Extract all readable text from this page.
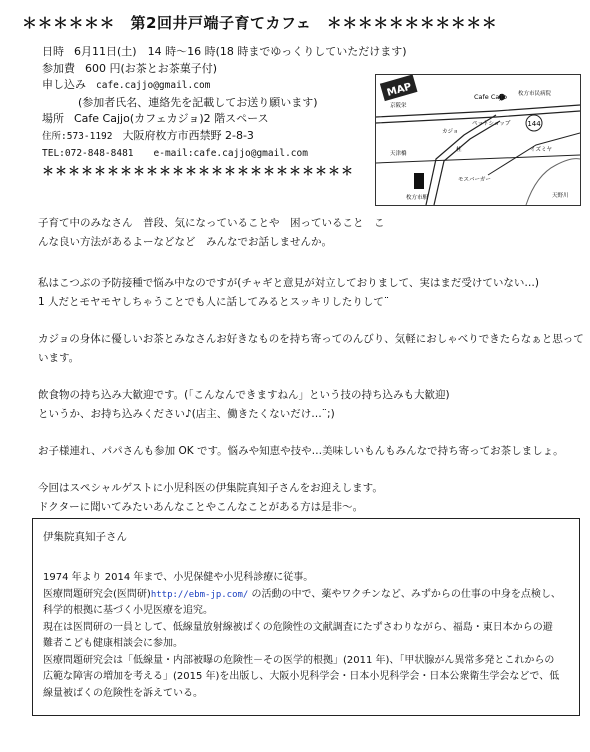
＊＊＊＊＊＊　第2回井戸端子育てカフェ　＊＊＊＊＊＊＊＊＊＊＊
日時 6月11日(土)　14 時～16 時(18 時までゆっくりしていただけます)
参加費 600 円(お茶とお茶菓子付)
申し込み cafe.cajjo@gmail.com
(参加者氏名、連絡先を記載してお送り願います)
場所 Cafe Cajjo(カフェカジョ)2 階スペース
住所:573-1192 大阪府枚方市西禁野 2-8-3
TEL:072-848-8481 e-mail:cafe.cajjo@gmail.com
＊＊＊＊＊＊＊＊＊＊＊＊＊＊＊＊＊＊＊＊＊＊＊＊
MAP
144
Cafe Cajjo 枚方市民病院
京阪栄
カジョ
ペットショップ
天津橋
イズミヤ
モスバーガー
枚方市駅	天野川
柱

子育て中のみなさん　普段、気になっていることや　困っていること　こ
んな良い方法があるよーなどなど　みんなでお話しませんか。

私はこつぶの予防接種で悩み中なのですが(チャギと意見が対立しておりまして、実はまだ受けていない…)
1 人だとモヤモヤしちゃうことでも人に話してみるとスッキリしたりして¨

カジョの身体に優しいお茶とみなさんお好きなものを持ち寄ってのんびり、気軽におしゃべりできたらなぁと思って
います。

飲食物の持ち込み大歓迎です。(「こんなんできますねん」という技の持ち込みも大歓迎)
というか、お持ち込みください♪(店主、働きたくないだけ…¨;)

お子様連れ、パパさんも参加 OK です。悩みや知恵や技や…美味しいもんもみんなで持ち寄ってお茶しましょ。

今回はスペシャルゲストに小児科医の伊集院真知子さんをお迎えします。
ドクターに聞いてみたいあんなことやこんなことがある方は是非～。

伊集院真知子さん
1974 年より 2014 年まで、小児保健や小児科診療に従事。
医療問題研究会(医問研)http://ebm-jp.com/ の活動の中で、薬やワクチンなど、みずからの仕事の中身を点検し、
科学的根拠に基づく小児医療を追究。
現在は医問研の一員として、低線量放射線被ばくの危険性の文献調査にたずさわりながら、福島・東日本からの避
難者こども健康相談会に参加。
医療問題研究会は「低線量・内部被曝の危険性－その医学的根拠」(2011 年)、「甲状腺がん異常多発とこれからの
広範な障害の増加を考える」(2015 年)を出版し、大阪小児科学会・日本小児科学会・日本公衆衛生学会などで、低
線量被ばくの危険性を訴えている。
